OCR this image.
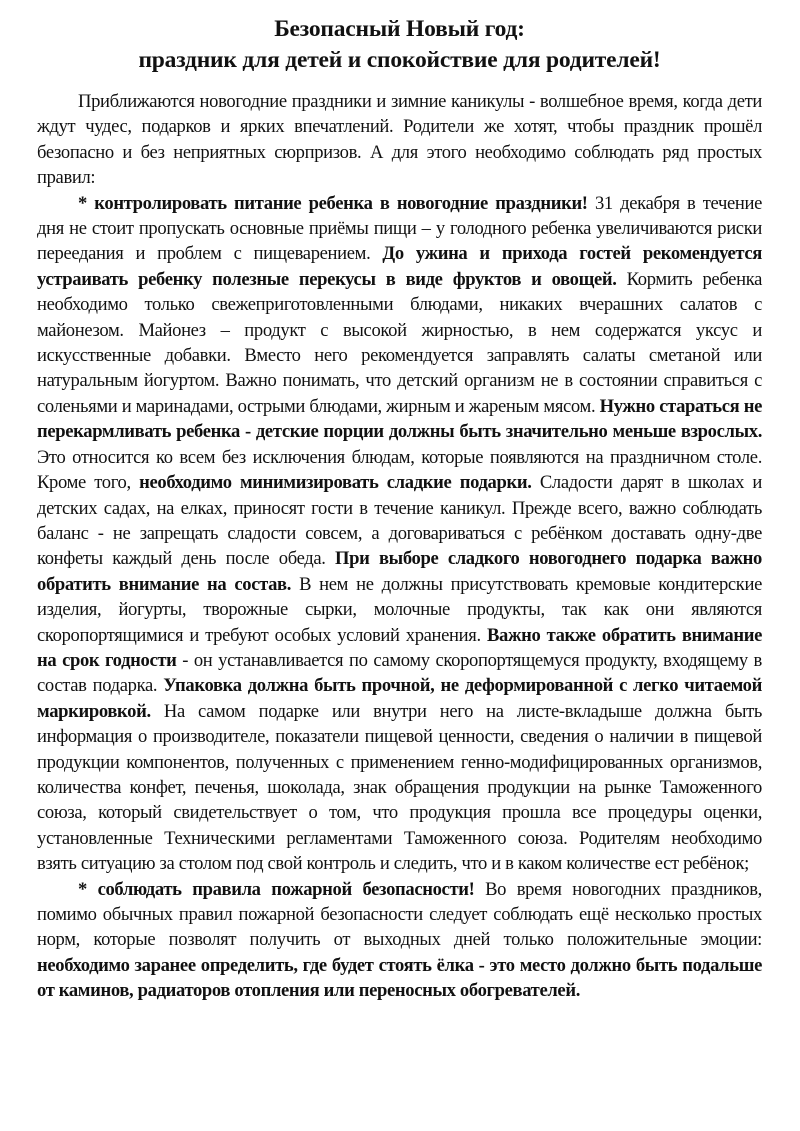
Безопасный Новый год:
праздник для детей и спокойствие для родителей!

Приближаются новогодние праздники и зимние каникулы - волшебное время, когда дети ждут чудес, подарков и ярких впечатлений. Родители же хотят, чтобы праздник прошёл безопасно и без неприятных сюрпризов. А для этого необходимо соблюдать ряд простых правил:

* контролировать питание ребенка в новогодние праздники! 31 декабря в течение дня не стоит пропускать основные приёмы пищи – у голодного ребенка увеличиваются риски переедания и проблем с пищеварением. До ужина и прихода гостей рекомендуется устраивать ребенку полезные перекусы в виде фруктов и овощей. Кормить ребенка необходимо только свежеприготовленными блюдами, никаких вчерашних салатов с майонезом. Майонез – продукт с высокой жирностью, в нем содержатся уксус и искусственные добавки. Вместо него рекомендуется заправлять салаты сметаной или натуральным йогуртом. Важно понимать, что детский организм не в состоянии справиться с соленьями и маринадами, острыми блюдами, жирным и жареным мясом. Нужно стараться не перекармливать ребенка - детские порции должны быть значительно меньше взрослых. Это относится ко всем без исключения блюдам, которые появляются на праздничном столе. Кроме того, необходимо минимизировать сладкие подарки. Сладости дарят в школах и детских садах, на елках, приносят гости в течение каникул. Прежде всего, важно соблюдать баланс - не запрещать сладости совсем, а договариваться с ребёнком доставать одну-две конфеты каждый день после обеда. При выборе сладкого новогоднего подарка важно обратить внимание на состав. В нем не должны присутствовать кремовые кондитерские изделия, йогурты, творожные сырки, молочные продукты, так как они являются скоропортящимися и требуют особых условий хранения. Важно также обратить внимание на срок годности - он устанавливается по самому скоропортящемуся продукту, входящему в состав подарка. Упаковка должна быть прочной, не деформированной с легко читаемой маркировкой. На самом подарке или внутри него на листе-вкладыше должна быть информация о производителе, показатели пищевой ценности, сведения о наличии в пищевой продукции компонентов, полученных с применением генно-модифицированных организмов, количества конфет, печенья, шоколада, знак обращения продукции на рынке Таможенного союза, который свидетельствует о том, что продукция прошла все процедуры оценки, установленные Техническими регламентами Таможенного союза. Родителям необходимо взять ситуацию за столом под свой контроль и следить, что и в каком количестве ест ребёнок;

* соблюдать правила пожарной безопасности! Во время новогодних праздников, помимо обычных правил пожарной безопасности следует соблюдать ещё несколько простых норм, которые позволят получить от выходных дней только положительные эмоции: необходимо заранее определить, где будет стоять ёлка - это место должно быть подальше от каминов, радиаторов отопления или переносных обогревателей.
